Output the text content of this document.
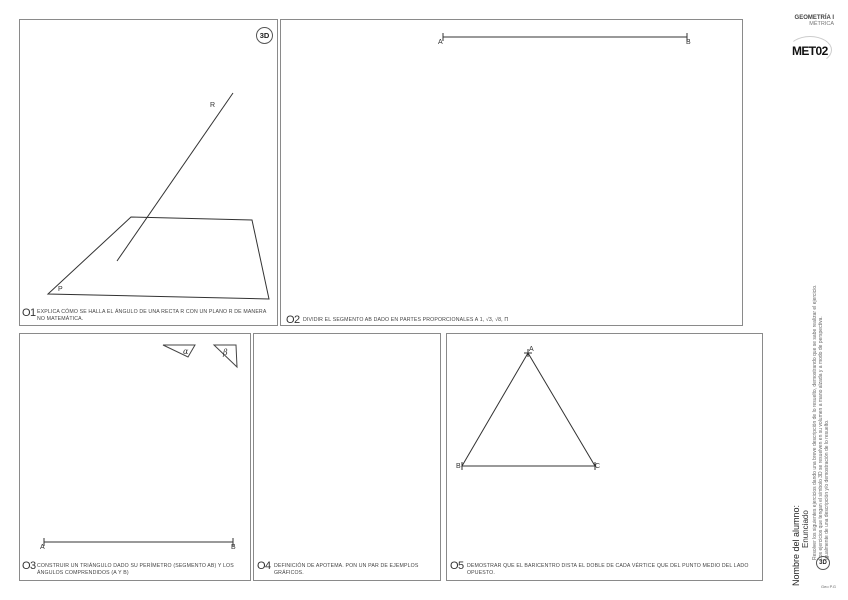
GEOMETRÍA I
MÉTRICA
MET02
R
P
3D
O1 EXPLICA CÓMO SE HALLA EL ÁNGULO DE UNA RECTA R CON UN PLANO R DE MANERA NO MATEMÁTICA.
A	B
O2 DIVIDIR EL SEGMENTO AB DADO EN PARTES PROPORCIONALES A 1, √3, √8, Π
α	β
A	B
O3 CONSTRUIR UN TRIÁNGULO DADO SU PERÍMETRO (SEGMENTO AB) Y LOS ÁNGULOS COMPRENDIDOS (Α Y Β)
O4 DEFINICIÓN DE APOTEMA. PON UN PAR DE EJEMPLOS GRÁFICOS.
A
B	C
O5 DEMOSTRAR QUE EL BARICENTRO DISTA EL DOBLE DE CADA VÉRTICE QUE DEL PUNTO MEDIO DEL LADO OPUESTO.	Nombre del alumno: Enunciado Resolver los siguientes ejercicios dando una breve descripción de lo resuelto, demostrando que se sabe realizar el ejercicio. Los ejercicios que tengan el símbolo 3D se resuelven en su volumen a mano alzada y a modo de perspectiva. Igualmente de una descripción y/o demostración de lo resuelto.
3D
Geo P.G
